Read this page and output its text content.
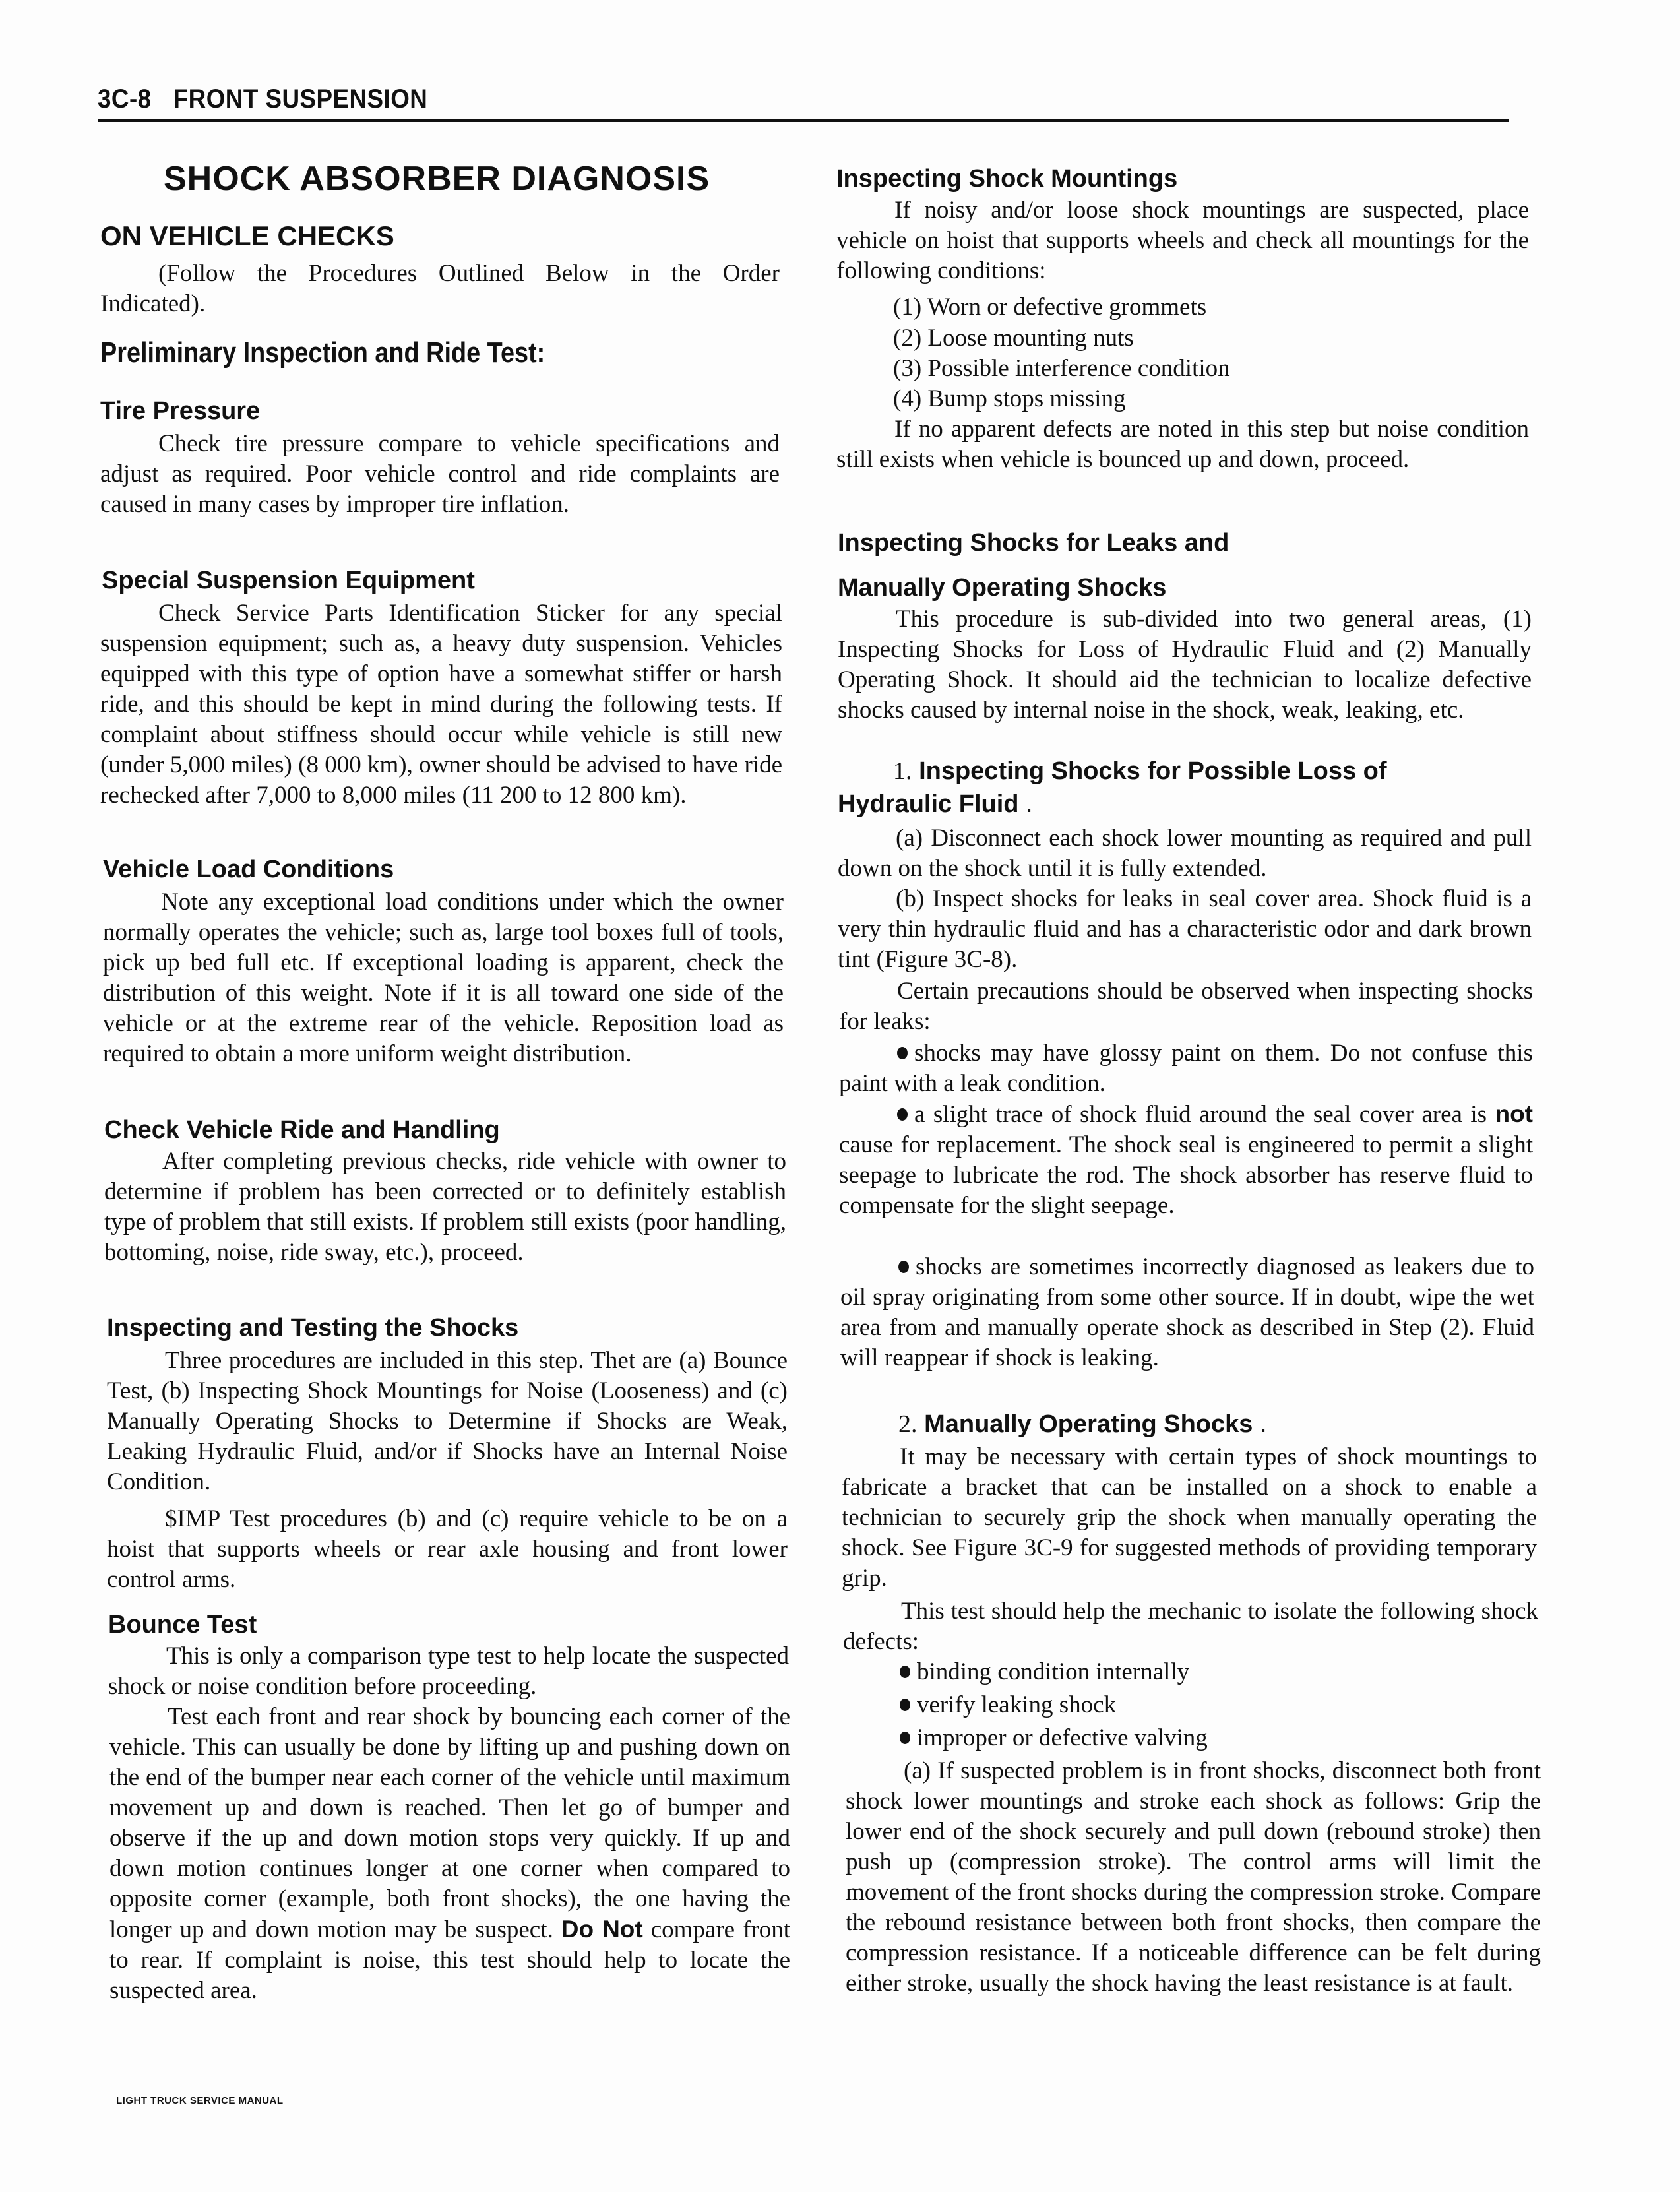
3C-8 FRONT SUSPENSION
SHOCK ABSORBER DIAGNOSIS
ON VEHICLE CHECKS

(Follow the Procedures Outlined Below in the Order Indicated).

Preliminary Inspection and Ride Test:
Tire Pressure

Check tire pressure compare to vehicle specifications and adjust as required. Poor vehicle control and ride complaints are caused in many cases by improper tire inflation.

Special Suspension Equipment

Check Service Parts Identification Sticker for any special suspension equipment; such as, a heavy duty suspension. Vehicles equipped with this type of option have a somewhat stiffer or harsh ride, and this should be kept in mind during the following tests. If complaint about stiffness should occur while vehicle is still new (under 5,000 miles) (8 000 km), owner should be advised to have ride rechecked after 7,000 to 8,000 miles (11 200 to 12 800 km).

Vehicle Load Conditions

Note any exceptional load conditions under which the owner normally operates the vehicle; such as, large tool boxes full of tools, pick up bed full etc. If exceptional loading is apparent, check the distribution of this weight. Note if it is all toward one side of the vehicle or at the extreme rear of the vehicle. Reposition load as required to obtain a more uniform weight distribution.

Check Vehicle Ride and Handling

After completing previous checks, ride vehicle with owner to determine if problem has been corrected or to definitely establish type of problem that still exists. If problem still exists (poor handling, bottoming, noise, ride sway, etc.), proceed.

Inspecting and Testing the Shocks

Three procedures are included in this step. Thet are (a) Bounce Test, (b) Inspecting Shock Mountings for Noise (Looseness) and (c) Manually Operating Shocks to Determine if Shocks are Weak, Leaking Hydraulic Fluid, and/or if Shocks have an Internal Noise Condition.

$IMP Test procedures (b) and (c) require vehicle to be on a hoist that supports wheels or rear axle housing and front lower control arms.

Bounce Test

This is only a comparison type test to help locate the suspected shock or noise condition before proceeding.

Test each front and rear shock by bouncing each corner of the vehicle. This can usually be done by lifting up and pushing down on the end of the bumper near each corner of the vehicle until maximum movement up and down is reached. Then let go of bumper and observe if the up and down motion stops very quickly. If up and down motion continues longer at one corner when compared to opposite corner (example, both front shocks), the one having the longer up and down motion may be suspect. Do Not compare front to rear. If complaint is noise, this test should help to locate the suspected area.

Inspecting Shock Mountings

If noisy and/or loose shock mountings are suspected, place vehicle on hoist that supports wheels and check all mountings for the following conditions:

(1) Worn or defective grommets
(2) Loose mounting nuts
(3) Possible interference condition
(4) Bump stops missing

If no apparent defects are noted in this step but noise condition still exists when vehicle is bounced up and down, proceed.

Inspecting Shocks for Leaks and
Manually Operating Shocks

This procedure is sub-divided into two general areas, (1) Inspecting Shocks for Loss of Hydraulic Fluid and (2) Manually Operating Shock. It should aid the technician to localize defective shocks caused by internal noise in the shock, weak, leaking, etc.

1. Inspecting Shocks for Possible Loss of
Hydraulic Fluid .

(a) Disconnect each shock lower mounting as required and pull down on the shock until it is fully extended.

(b) Inspect shocks for leaks in seal cover area. Shock fluid is a very thin hydraulic fluid and has a characteristic odor and dark brown tint (Figure 3C-8).

Certain precautions should be observed when inspecting shocks for leaks:

shocks may have glossy paint on them. Do not confuse this paint with a leak condition.

a slight trace of shock fluid around the seal cover area is not cause for replacement. The shock seal is engineered to permit a slight seepage to lubricate the rod. The shock absorber has reserve fluid to compensate for the slight seepage.

shocks are sometimes incorrectly diagnosed as leakers due to oil spray originating from some other source. If in doubt, wipe the wet area from and manually operate shock as described in Step (2). Fluid will reappear if shock is leaking.

2. Manually Operating Shocks .

It may be necessary with certain types of shock mountings to fabricate a bracket that can be installed on a shock to enable a technician to securely grip the shock when manually operating the shock. See Figure 3C-9 for suggested methods of providing temporary grip.

This test should help the mechanic to isolate the following shock defects:

binding condition internally
verify leaking shock
improper or defective valving

(a) If suspected problem is in front shocks, disconnect both front shock lower mountings and stroke each shock as follows: Grip the lower end of the shock securely and pull down (rebound stroke) then push up (compression stroke). The control arms will limit the movement of the front shocks during the compression stroke. Compare the rebound resistance between both front shocks, then compare the compression resistance. If a noticeable difference can be felt during either stroke, usually the shock having the least resistance is at fault.

LIGHT TRUCK SERVICE MANUAL
